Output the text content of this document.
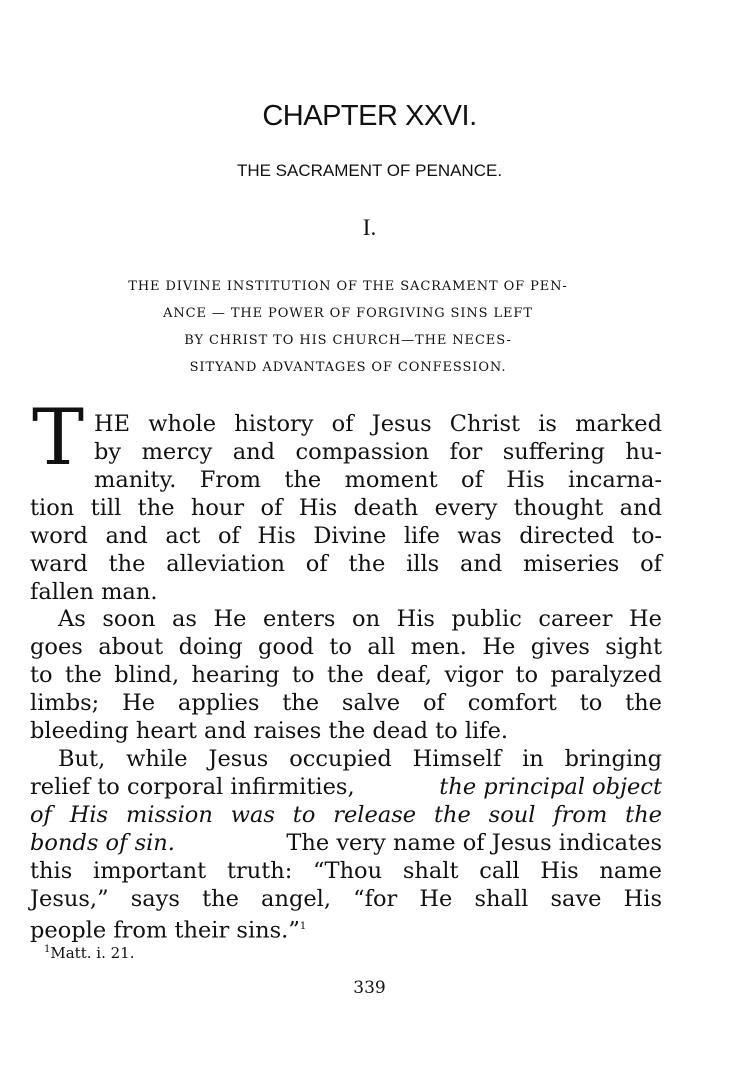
CHAPTER XXVI.
THE SACRAMENT OF PENANCE.
I.
THE DIVINE INSTITUTION OF THE SACRAMENT OF PEN-
ANCE — THE POWER OF FORGIVING SINS LEFT
BY CHRIST TO HIS CHURCH—THE NECES-
SITYAND ADVANTAGES OF CONFESSION.
T HE whole history of Jesus Christ is marked
by mercy and compassion for suffering hu-
manity. From the moment of His incarna-
tion till the hour of His death every thought and
word and act of His Divine life was directed to-
ward the alleviation of the ills and miseries of
fallen man.
As soon as He enters on His public career He
goes about doing good to all men. He gives sight
to the blind, hearing to the deaf, vigor to paralyzed
limbs; He applies the salve of comfort to the
bleeding heart and raises the dead to life.
But, while Jesus occupied Himself in bringing
relief to corporal infirmities,	the principal object
of His mission was to release the soul from the
bonds of sin.	The very name of Jesus indicates
this important truth: “Thou shalt call His name
Jesus,” says the angel, “for He shall save His
people from their sins.”$^1$
$^1$Matt. i. 21.
339
